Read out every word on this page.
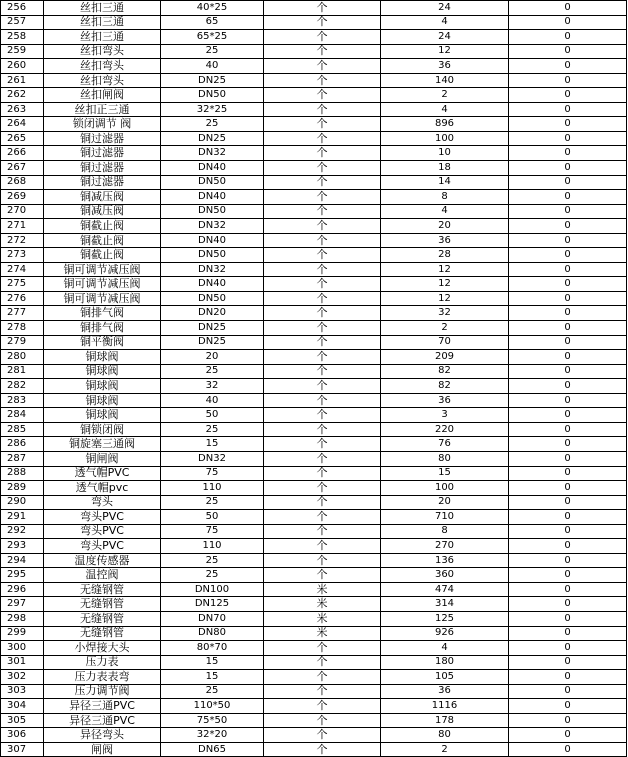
256	丝扣三通	40*25	个	24	0
257	丝扣三通	65	个	4	0
258	丝扣三通	65*25	个	24	0
259	丝扣弯头	25	个	12	0
260	丝扣弯头	40	个	36	0
261	丝扣弯头	DN25	个	140	0
262	丝扣闸阀	DN50	个	2	0
263	丝扣正三通	32*25	个	4	0
264	锁闭调节 阀	25	个	896	0
265	铜过滤器	DN25	个	100	0
266	铜过滤器	DN32	个	10	0
267	铜过滤器	DN40	个	18	0
268	铜过滤器	DN50	个	14	0
269	铜减压阀	DN40	个	8	0
270	铜减压阀	DN50	个	4	0
271	铜截止阀	DN32	个	20	0
272	铜截止阀	DN40	个	36	0
273	铜截止阀	DN50	个	28	0
274	铜可调节减压阀	DN32	个	12	0
275	铜可调节减压阀	DN40	个	12	0
276	铜可调节减压阀	DN50	个	12	0
277	铜排气阀	DN20	个	32	0
278	铜排气阀	DN25	个	2	0
279	铜平衡阀	DN25	个	70	0
280	铜球阀	20	个	209	0
281	铜球阀	25	个	82	0
282	铜球阀	32	个	82	0
283	铜球阀	40	个	36	0
284	铜球阀	50	个	3	0
285	铜锁闭阀	25	个	220	0
286	铜旋塞三通阀	15	个	76	0
287	铜闸阀	DN32	个	80	0
288	透气帽PVC	75	个	15	0
289	透气帽pvc	110	个	100	0
290	弯头	25	个	20	0
291	弯头PVC	50	个	710	0
292	弯头PVC	75	个	8	0
293	弯头PVC	110	个	270	0
294	温度传感器	25	个	136	0
295	温控阀	25	个	360	0
296	无缝钢管	DN100	米	474	0
297	无缝钢管	DN125	米	314	0
298	无缝钢管	DN70	米	125	0
299	无缝钢管	DN80	米	926	0
300	小焊接大头	80*70	个	4	0
301	压力表	15	个	180	0
302	压力表表弯	15	个	105	0
303	压力调节阀	25	个	36	0
304	异径三通PVC	110*50	个	1116	0
305	异径三通PVC	75*50	个	178	0
306	异径弯头	32*20	个	80	0
307	闸阀	DN65	个	2	0
